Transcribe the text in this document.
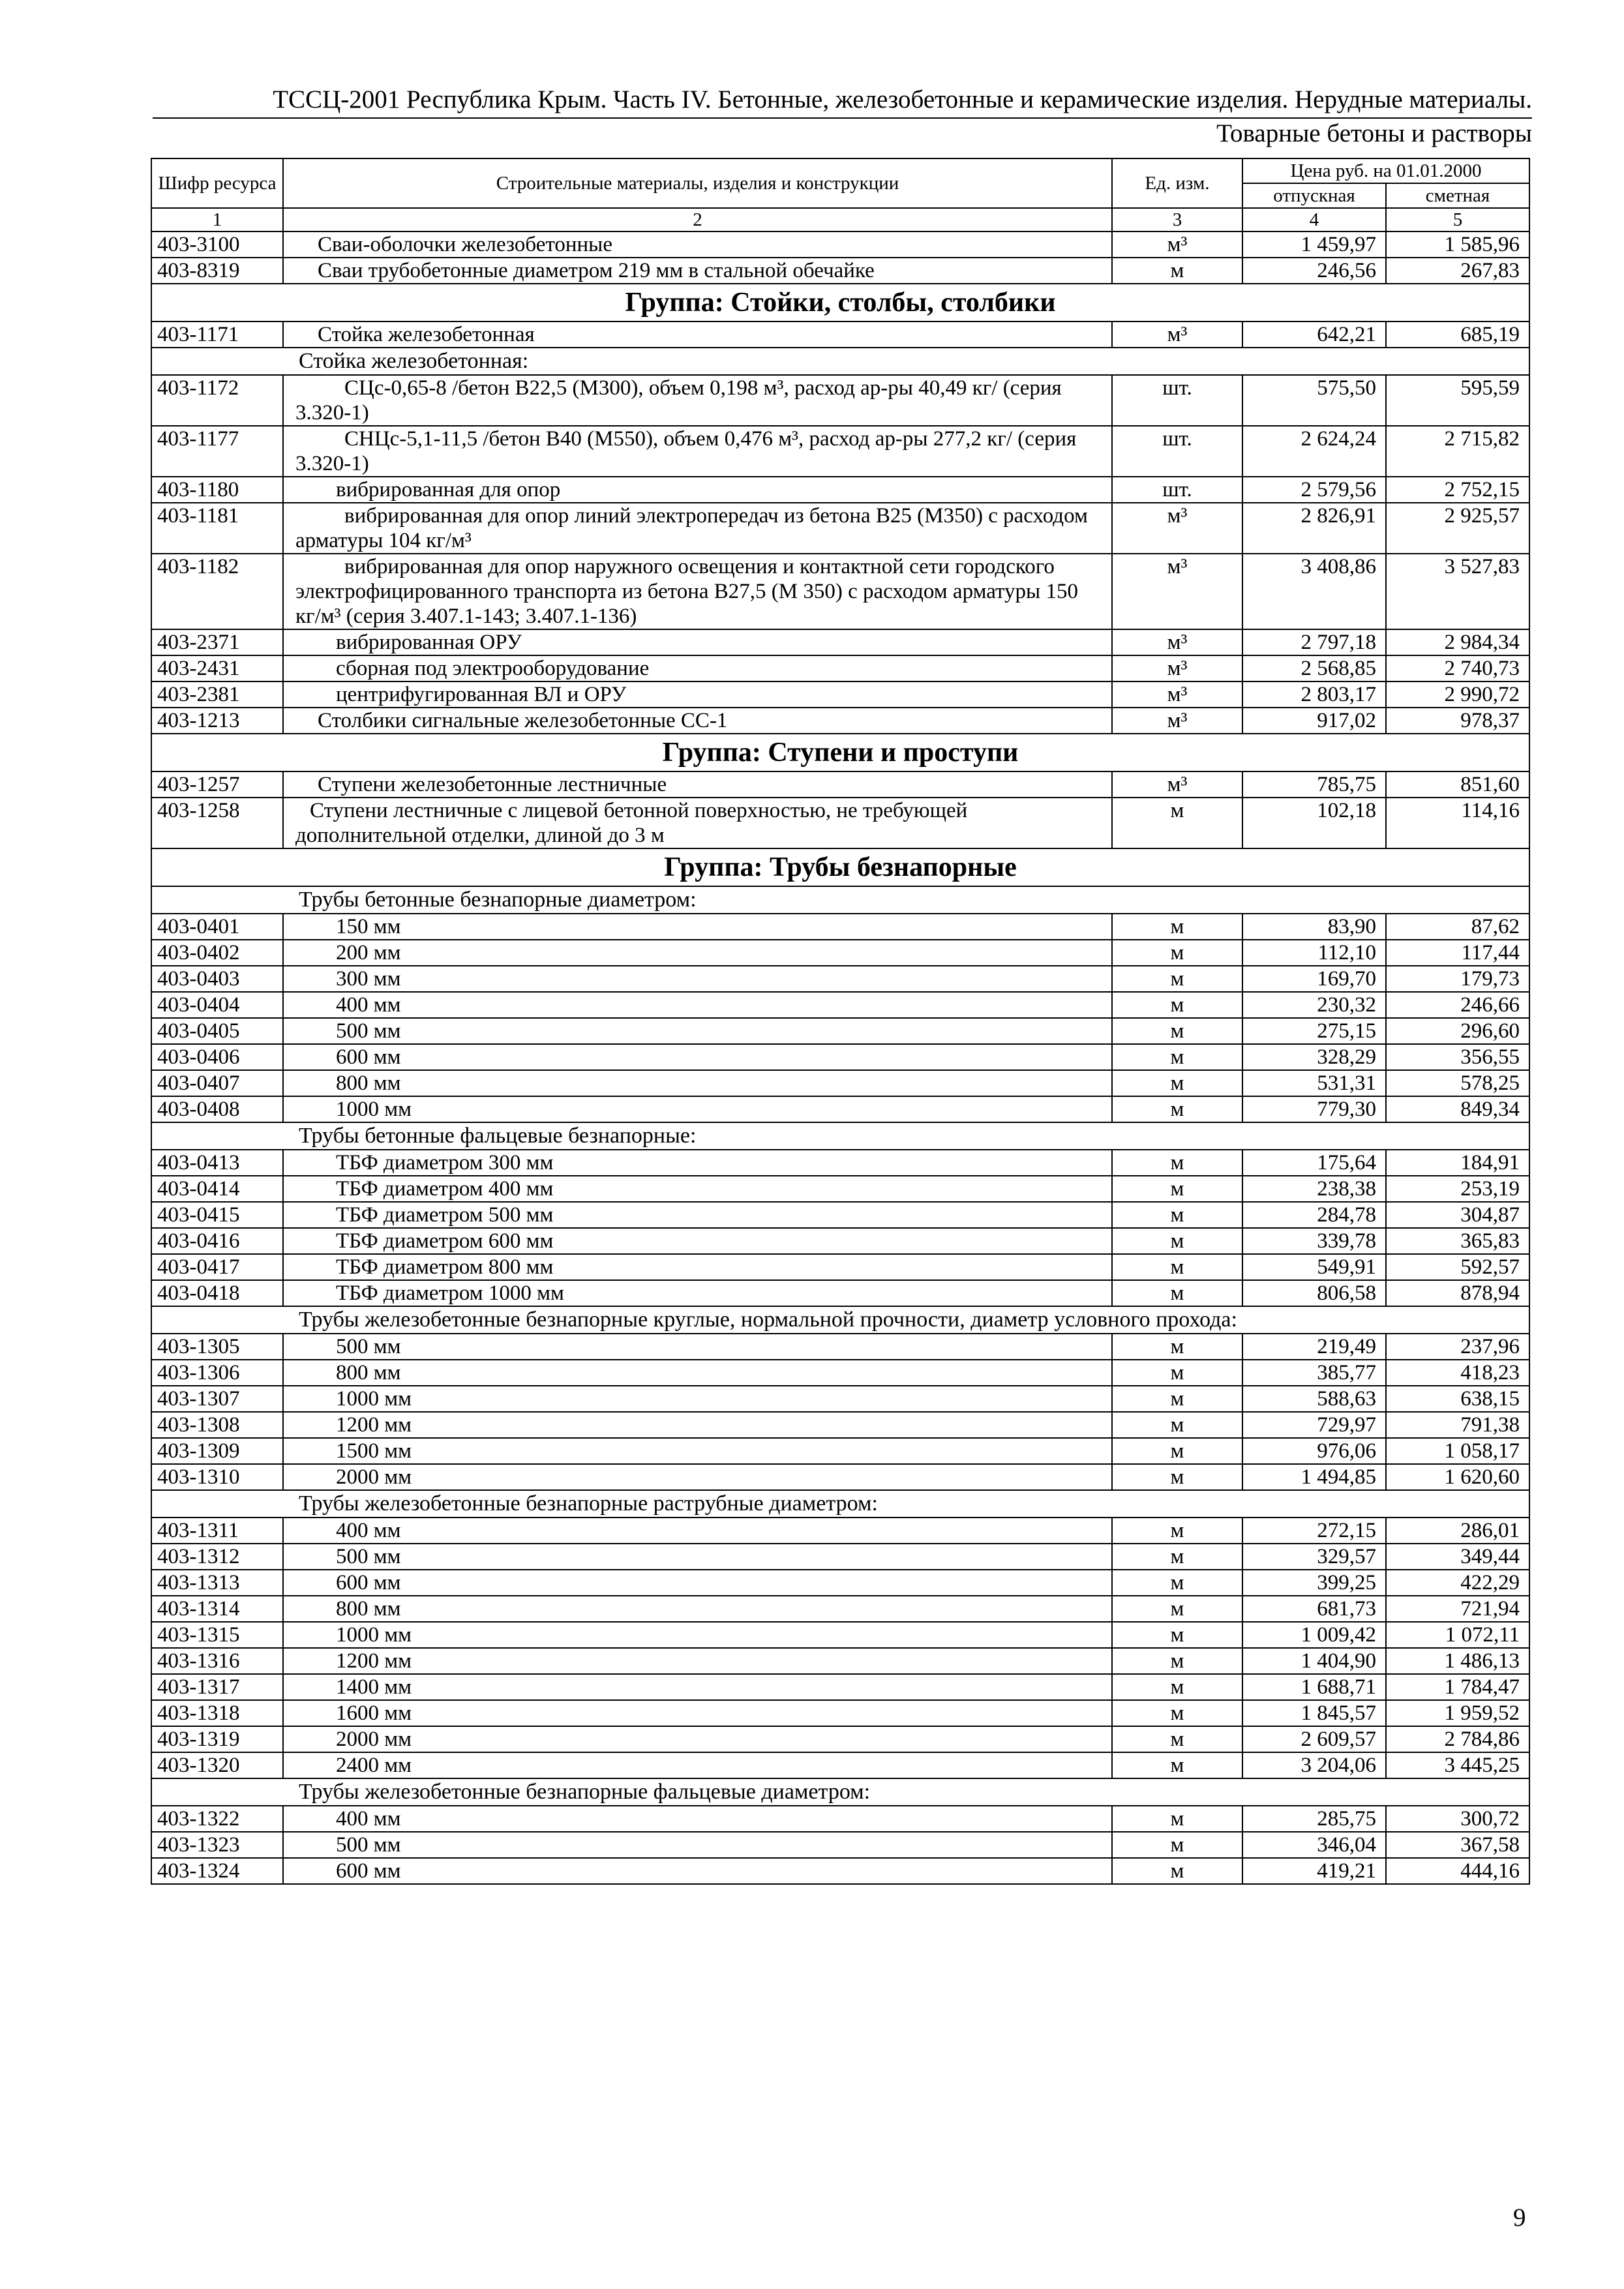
ТССЦ-2001 Республика Крым. Часть IV. Бетонные, железобетонные и керамические изделия. Нерудные материалы.
Товарные бетоны и растворы
Шифр ресурса	Строительные материалы, изделия и конструкции	Ед. изм.	Цена руб. на 01.01.2000	
			отпускная	сметная
1	2	3	4	5
403-3100	Сваи-оболочки железобетонные	м³	1 459,97	1 585,96
403-8319	Сваи трубобетонные диаметром 219 мм в стальной обечайке	м	246,56	267,83
Группа: Стойки, столбы, столбики				
403-1171	Стойка железобетонная	м³	642,21	685,19
Стойка железобетонная:				
403-1172	СЦс-0,65-8 /бетон В22,5 (М300), объем 0,198 м³, расход ар-ры 40,49 кг/ (серия 3.320-1)	шт.	575,50	595,59
403-1177	СНЦс-5,1-11,5 /бетон В40 (М550), объем 0,476 м³, расход ар-ры 277,2 кг/ (серия 3.320-1)	шт.	2 624,24	2 715,82
403-1180	вибрированная для опор	шт.	2 579,56	2 752,15
403-1181	вибрированная для опор линий электропередач из бетона В25 (М350) с расходом арматуры 104 кг/м³	м³	2 826,91	2 925,57
403-1182	вибрированная для опор наружного освещения и контактной сети городского электрофицированного транспорта из бетона В27,5 (М 350) с расходом арматуры 150 кг/м³ (серия 3.407.1-143; 3.407.1-136)	м³	3 408,86	3 527,83
403-2371	вибрированная ОРУ	м³	2 797,18	2 984,34
403-2431	сборная под электрооборудование	м³	2 568,85	2 740,73
403-2381	центрифугированная ВЛ и ОРУ	м³	2 803,17	2 990,72
403-1213	Столбики сигнальные железобетонные СС-1	м³	917,02	978,37
Группа: Ступени и проступи				
403-1257	Ступени железобетонные лестничные	м³	785,75	851,60
403-1258	Ступени лестничные с лицевой бетонной поверхностью, не требующей дополнительной отделки, длиной до 3 м	м	102,18	114,16
Группа: Трубы безнапорные				
Трубы бетонные безнапорные диаметром:				
403-0401	150 мм	м	83,90	87,62
403-0402	200 мм	м	112,10	117,44
403-0403	300 мм	м	169,70	179,73
403-0404	400 мм	м	230,32	246,66
403-0405	500 мм	м	275,15	296,60
403-0406	600 мм	м	328,29	356,55
403-0407	800 мм	м	531,31	578,25
403-0408	1000 мм	м	779,30	849,34
Трубы бетонные фальцевые безнапорные:				
403-0413	ТБФ диаметром 300 мм	м	175,64	184,91
403-0414	ТБФ диаметром 400 мм	м	238,38	253,19
403-0415	ТБФ диаметром 500 мм	м	284,78	304,87
403-0416	ТБФ диаметром 600 мм	м	339,78	365,83
403-0417	ТБФ диаметром 800 мм	м	549,91	592,57
403-0418	ТБФ диаметром 1000 мм	м	806,58	878,94
Трубы железобетонные безнапорные круглые, нормальной прочности, диаметр условного прохода:				
403-1305	500 мм	м	219,49	237,96
403-1306	800 мм	м	385,77	418,23
403-1307	1000 мм	м	588,63	638,15
403-1308	1200 мм	м	729,97	791,38
403-1309	1500 мм	м	976,06	1 058,17
403-1310	2000 мм	м	1 494,85	1 620,60
Трубы железобетонные безнапорные раструбные диаметром:				
403-1311	400 мм	м	272,15	286,01
403-1312	500 мм	м	329,57	349,44
403-1313	600 мм	м	399,25	422,29
403-1314	800 мм	м	681,73	721,94
403-1315	1000 мм	м	1 009,42	1 072,11
403-1316	1200 мм	м	1 404,90	1 486,13
403-1317	1400 мм	м	1 688,71	1 784,47
403-1318	1600 мм	м	1 845,57	1 959,52
403-1319	2000 мм	м	2 609,57	2 784,86
403-1320	2400 мм	м	3 204,06	3 445,25
Трубы железобетонные безнапорные фальцевые диаметром:				
403-1322	400 мм	м	285,75	300,72
403-1323	500 мм	м	346,04	367,58
403-1324	600 мм	м	419,21	444,16
9
